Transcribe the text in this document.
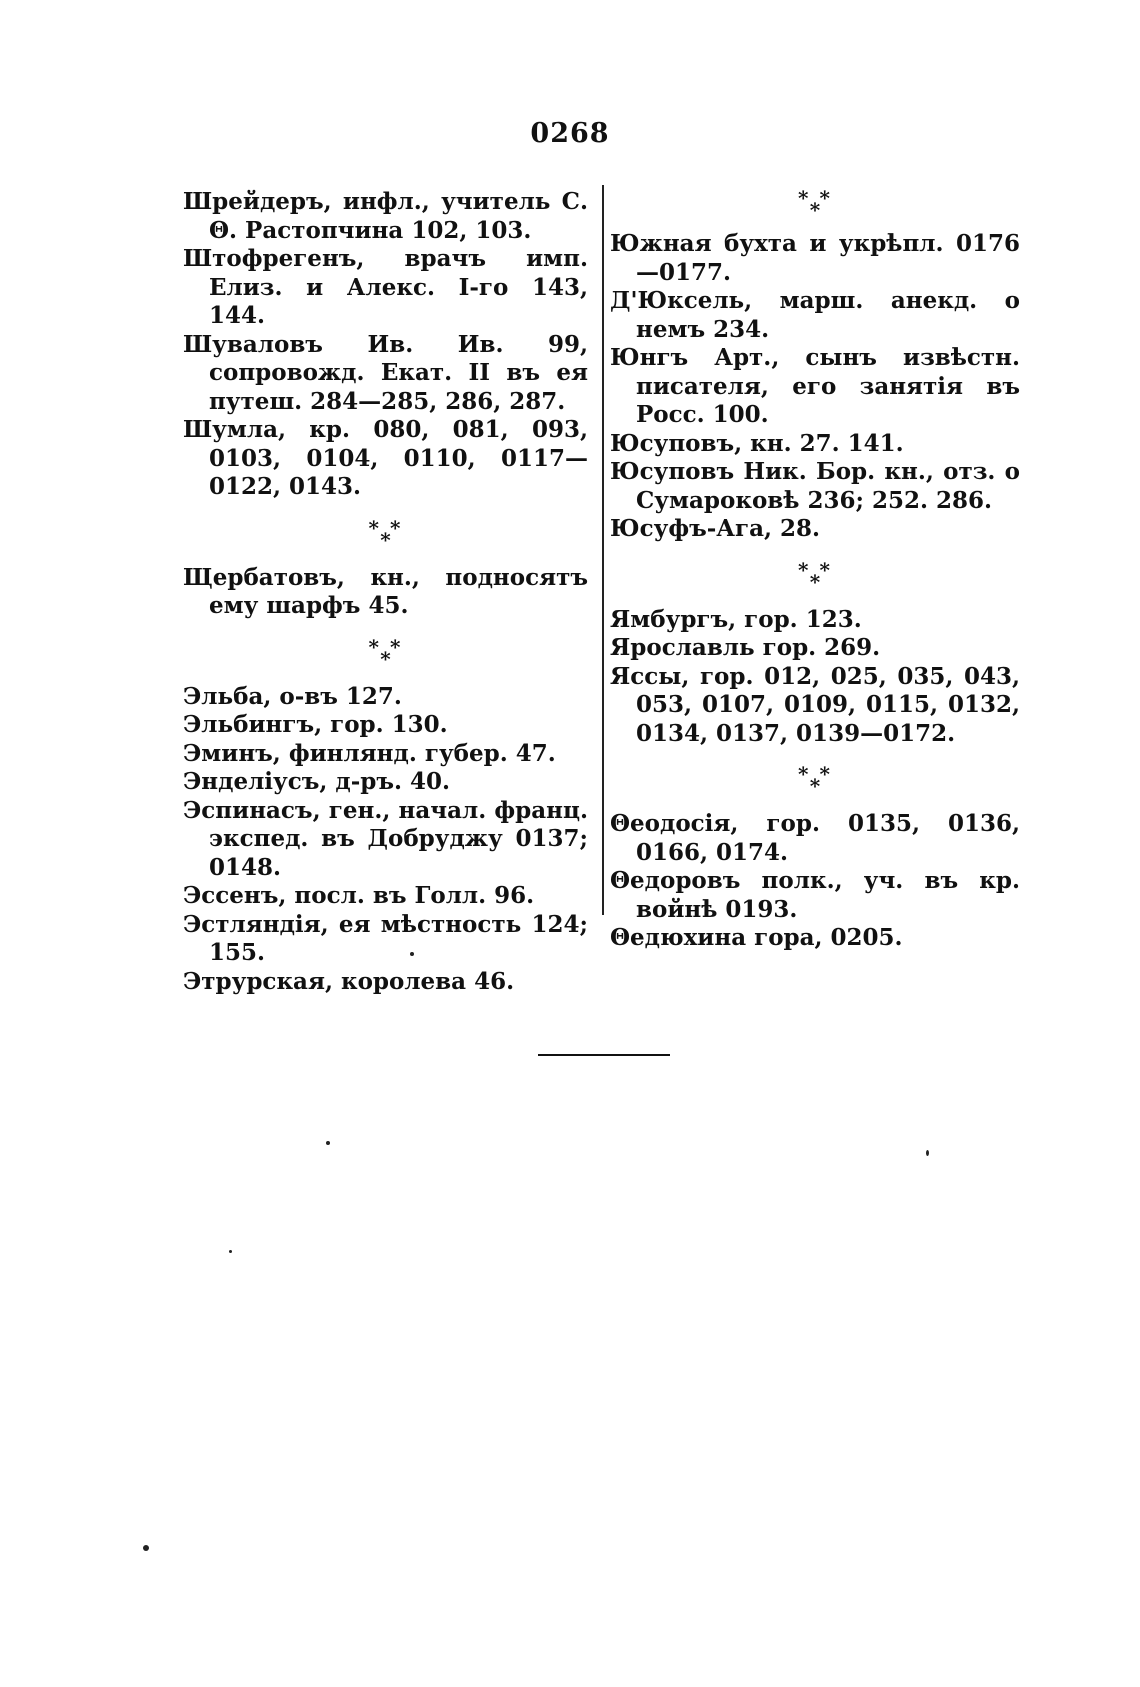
0268

Шрейдеръ, инфл., учитель С. Θ. Растопчина 102, 103.

Штофрегенъ, врачъ имп. Елиз. и Алекс. I-го 143, 144.

Шуваловъ Ив. Ив. 99, сопровожд. Екат. II въ ея путеш. 284—285, 286, 287.

Шумла, кр. 080, 081, 093, 0103, 0104, 0110, 0117—0122, 0143.

* * *

Щербатовъ, кн., подносятъ ему шарфъ 45.

* * *

Эльба, о-въ 127.

Эльбингъ, гор. 130.

Эминъ, финлянд. губер. 47.

Энделіусъ, д-ръ. 40.

Эспинасъ, ген., начал. франц. экспед. въ Добруджу 0137; 0148.

Эссенъ, посл. въ Голл. 96.

Эстляндія, ея мѣстность 124; 155.

Этрурская, королева 46.

* * *

Южная бухта и укрѣпл. 0176—0177.

Д'Юксель, марш. анекд. о немъ 234.

Юнгъ Арт., сынъ извѣстн. писателя, его занятія въ Росс. 100.

Юсуповъ, кн. 27. 141.

Юсуповъ Ник. Бор. кн., отз. о Сумароковѣ 236; 252. 286.

Юсуфъ-Ага, 28.

* * *

Ямбургъ, гор. 123.

Ярославль гор. 269.

Яссы, гор. 012, 025, 035, 043, 053, 0107, 0109, 0115, 0132, 0134, 0137, 0139—0172.

* * *

Θеодосія, гор. 0135, 0136, 0166, 0174.

Θедоровъ полк., уч. въ кр. войнѣ 0193.

Θедюхина гора, 0205.
